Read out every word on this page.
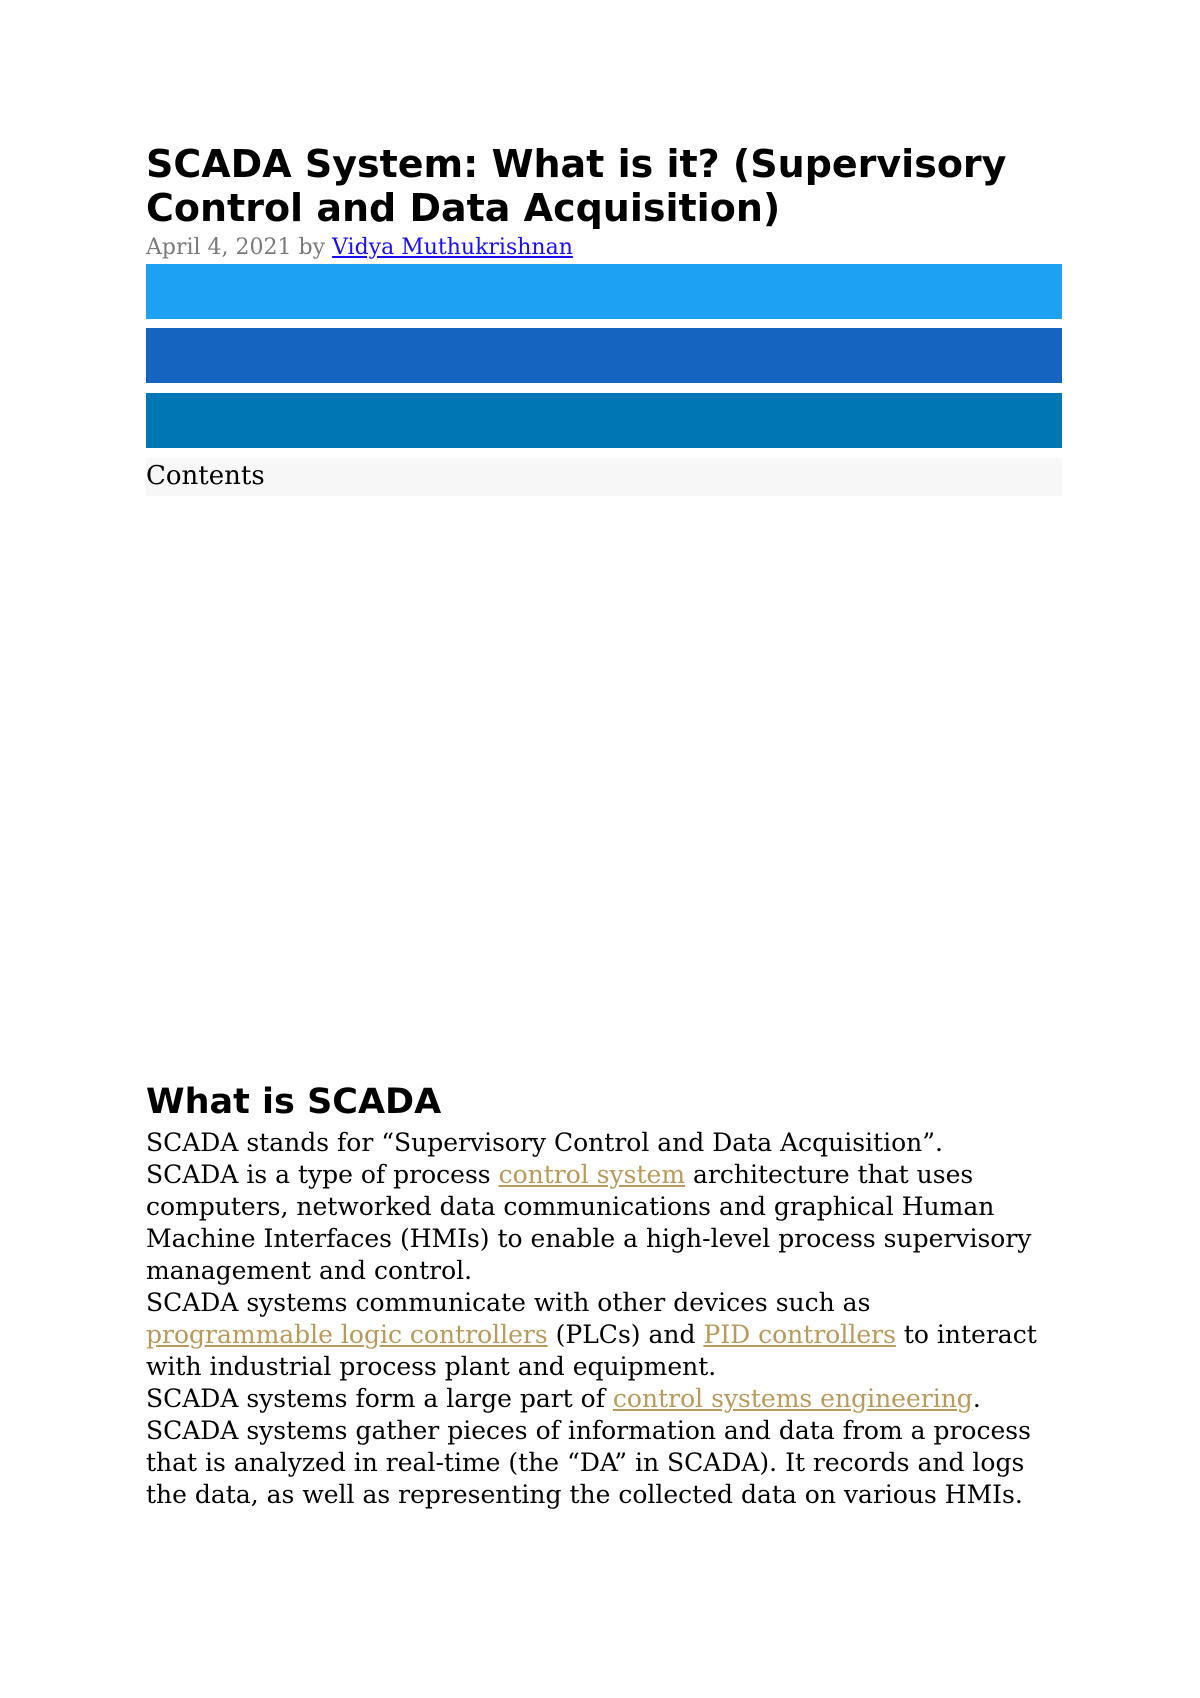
SCADA System: What is it? (Supervisory Control and Data Acquisition)
April 4, 2021 by Vidya Muthukrishnan
Contents
What is SCADA

SCADA stands for “Supervisory Control and Data Acquisition”.

SCADA is a type of process control system architecture that uses computers, networked data communications and graphical Human Machine Interfaces (HMIs) to enable a high-level process supervisory management and control.

SCADA systems communicate with other devices such as programmable logic controllers (PLCs) and PID controllers to interact with industrial process plant and equipment.

SCADA systems form a large part of control systems engineering.

SCADA systems gather pieces of information and data from a process that is analyzed in real-time (the “DA” in SCADA). It records and logs the data, as well as representing the collected data on various HMIs.
